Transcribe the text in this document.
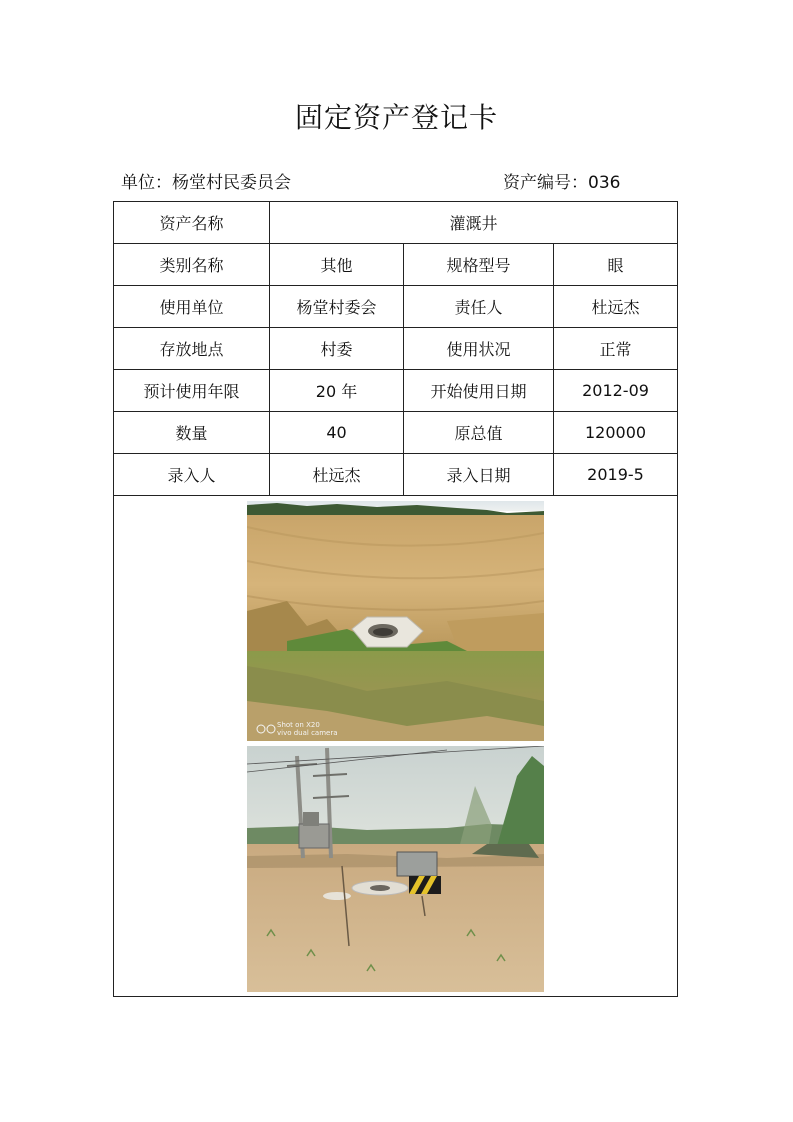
固定资产登记卡
单位：杨堂村民委员会	资产编号：036
资产名称	灌溉井		
类别名称	其他	规格型号	眼
使用单位	杨堂村委会	责任人	杜远杰
存放地点	村委	使用状况	正常
预计使用年限	20 年	开始使用日期	2012-09
数量	40	原总值	120000
录入人	杜远杰	录入日期	2019-5

Shot on X20
vivo dual camera			
